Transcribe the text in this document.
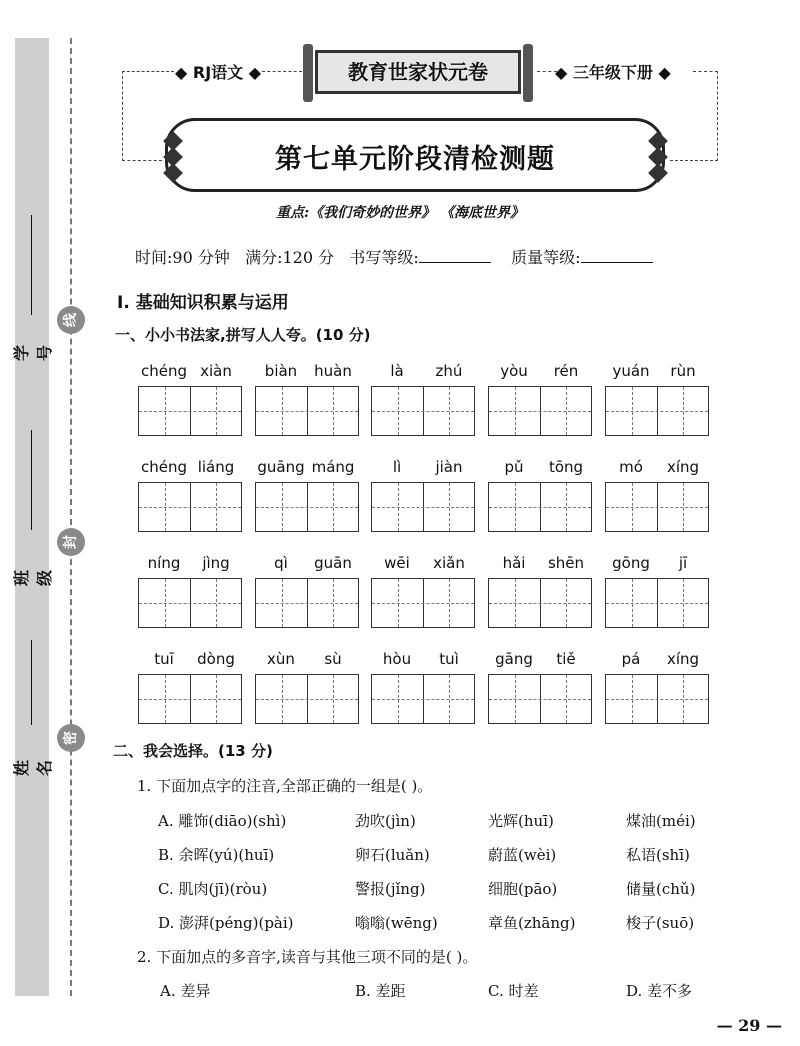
学号
班级
姓名
线
封
密
◆ RJ语文 ◆	◆ 三年级下册 ◆
教育世家状元卷
第七单元阶段清检测题
重点:《我们奇妙的世界》 《海底世界》
时间:90 分钟 满分:120 分 书写等级:	质量等级:
Ⅰ. 基础知识积累与运用
一、小小书法家,拼写人人夸。(10 分)
chéng xiàn	biàn	huàn	là	zhú	yòu	rén	yuán	rùn
chéng liáng	guāng máng	lì	jiàn	pǔ	tōng	mó	xíng
níng	jìng	qì	guān	wēi	xiǎn	hǎi	shēn	gōng	jī
tuī	dòng	xùn	sù	hòu	tuì	gāng	tiě	pá	xíng
二、我会选择。(13 分)
1. 下面加点字的注音,全部正确的一组是( )。
A. 雕饰(diāo)(shì)	劲吹(jìn)	光辉(huī)	煤油(méi)
B. 余晖(yú)(huī)	卵石(luǎn)	蔚蓝(wèi)	私语(shī)
C. 肌肉(jī)(ròu)	警报(jǐng)	细胞(pāo)	储量(chǔ)
D. 澎湃(péng)(pài)	嗡嗡(wēng)	章鱼(zhāng)	梭子(suō)
2. 下面加点的多音字,读音与其他三项不同的是( )。
A. 差异	B. 差距	C. 时差	D. 差不多
— 29 —
